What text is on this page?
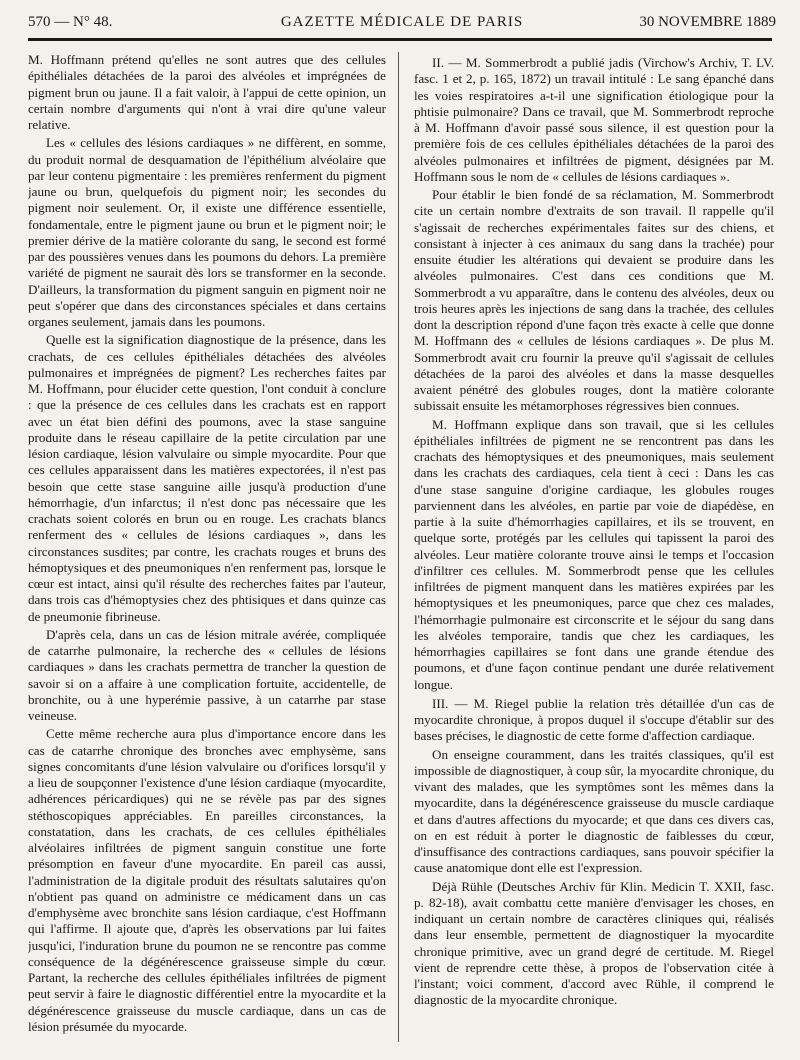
570 — N° 48.	GAZETTE MÉDICALE DE PARIS	30 NOVEMBRE 1889

M. Hoffmann prétend qu'elles ne sont autres que des cellules épithéliales détachées de la paroi des alvéoles et imprégnées de pigment brun ou jaune. Il a fait valoir, à l'appui de cette opinion, un certain nombre d'arguments qui n'ont à vrai dire qu'une valeur relative.

Les « cellules des lésions cardiaques » ne diffèrent, en somme, du produit normal de desquamation de l'épithélium alvéolaire que par leur contenu pigmentaire : les premières renferment du pigment jaune ou brun, quelquefois du pigment noir; les secondes du pigment noir seulement. Or, il existe une différence essentielle, fondamentale, entre le pigment jaune ou brun et le pigment noir; le premier dérive de la matière colorante du sang, le second est formé par des poussières venues dans les poumons du dehors. La première variété de pigment ne saurait dès lors se transformer en la seconde. D'ailleurs, la transformation du pigment sanguin en pigment noir ne peut s'opérer que dans des circonstances spéciales et dans certains organes seulement, jamais dans les poumons.

Quelle est la signification diagnostique de la présence, dans les crachats, de ces cellules épithéliales détachées des alvéoles pulmonaires et imprégnées de pigment? Les recherches faites par M. Hoffmann, pour élucider cette question, l'ont conduit à conclure : que la présence de ces cellules dans les crachats est en rapport avec un état bien défini des poumons, avec la stase sanguine produite dans le réseau capillaire de la petite circulation par une lésion cardiaque, lésion valvulaire ou simple myocardite. Pour que ces cellules apparaissent dans les matières expectorées, il n'est pas besoin que cette stase sanguine aille jusqu'à production d'une hémorrhagie, d'un infarctus; il n'est donc pas nécessaire que les crachats soient colorés en brun ou en rouge. Les crachats blancs renferment des « cellules de lésions cardiaques », dans les circonstances susdites; par contre, les crachats rouges et bruns des hémoptysiques et des pneumoniques n'en renferment pas, lorsque le cœur est intact, ainsi qu'il résulte des recherches faites par l'auteur, dans trois cas d'hémoptysies chez des phtisiques et dans quinze cas de pneumonie fibrineuse.

D'après cela, dans un cas de lésion mitrale avérée, compliquée de catarrhe pulmonaire, la recherche des « cellules de lésions cardiaques » dans les crachats permettra de trancher la question de savoir si on a affaire à une complication fortuite, accidentelle, de bronchite, ou à une hyperémie passive, à un catarrhe par stase veineuse.

Cette même recherche aura plus d'importance encore dans les cas de catarrhe chronique des bronches avec emphysème, sans signes concomitants d'une lésion valvulaire ou d'orifices lorsqu'il y a lieu de soupçonner l'existence d'une lésion cardiaque (myocardite, adhérences péricardiques) qui ne se révèle pas par des signes stéthoscopiques appréciables. En pareilles circonstances, la constatation, dans les crachats, de ces cellules épithéliales alvéolaires infiltrées de pigment sanguin constitue une forte présomption en faveur d'une myocardite. En pareil cas aussi, l'administration de la digitale produit des résultats salutaires qu'on n'obtient pas quand on administre ce médicament dans un cas d'emphysème avec bronchite sans lésion cardiaque, c'est Hoffmann qui l'affirme. Il ajoute que, d'après les observations par lui faites jusqu'ici, l'induration brune du poumon ne se rencontre pas comme conséquence de la dégénérescence graisseuse simple du cœur. Partant, la recherche des cellules épithéliales infiltrées de pigment peut servir à faire le diagnostic différentiel entre la myocardite et la dégénérescence graisseuse du muscle cardiaque, dans un cas de lésion présumée du myocarde.

II. — M. Sommerbrodt a publié jadis (Virchow's Archiv, T. LV. fasc. 1 et 2, p. 165, 1872) un travail intitulé : Le sang épanché dans les voies respiratoires a-t-il une signification étiologique pour la phtisie pulmonaire? Dans ce travail, que M. Sommerbrodt reproche à M. Hoffmann d'avoir passé sous silence, il est question pour la première fois de ces cellules épithéliales détachées de la paroi des alvéoles pulmonaires et infiltrées de pigment, désignées par M. Hoffmann sous le nom de « cellules de lésions cardiaques ».

Pour établir le bien fondé de sa réclamation, M. Sommerbrodt cite un certain nombre d'extraits de son travail. Il rappelle qu'il s'agissait de recherches expérimentales faites sur des chiens, et consistant à injecter à ces animaux du sang dans la trachée) pour ensuite étudier les altérations qui devaient se produire dans les alvéoles pulmonaires. C'est dans ces conditions que M. Sommerbrodt a vu apparaître, dans le contenu des alvéoles, deux ou trois heures après les injections de sang dans la trachée, des cellules dont la description répond d'une façon très exacte à celle que donne M. Hoffmann des « cellules de lésions cardiaques ». De plus M. Sommerbrodt avait cru fournir la preuve qu'il s'agissait de cellules détachées de la paroi des alvéoles et dans la masse desquelles avaient pénétré des globules rouges, dont la matière colorante subissait ensuite les métamorphoses régressives bien connues.

M. Hoffmann explique dans son travail, que si les cellules épithéliales infiltrées de pigment ne se rencontrent pas dans les crachats des hémoptysiques et des pneumoniques, mais seulement dans les crachats des cardiaques, cela tient à ceci : Dans les cas d'une stase sanguine d'origine cardiaque, les globules rouges parviennent dans les alvéoles, en partie par voie de diapédèse, en partie à la suite d'hémorrhagies capillaires, et ils se trouvent, en quelque sorte, protégés par les cellules qui tapissent la paroi des alvéoles. Leur matière colorante trouve ainsi le temps et l'occasion d'infiltrer ces cellules. M. Sommerbrodt pense que les cellules infiltrées de pigment manquent dans les matières expirées par les hémoptysiques et les pneumoniques, parce que chez ces malades, l'hémorrhagie pulmonaire est circonscrite et le séjour du sang dans les alvéoles temporaire, tandis que chez les cardiaques, les hémorrhagies capillaires se font dans une grande étendue des poumons, et d'une façon continue pendant une durée relativement longue.

III. — M. Riegel publie la relation très détaillée d'un cas de myocardite chronique, à propos duquel il s'occupe d'établir sur des bases précises, le diagnostic de cette forme d'affection cardiaque.

On enseigne couramment, dans les traités classiques, qu'il est impossible de diagnostiquer, à coup sûr, la myocardite chronique, du vivant des malades, que les symptômes sont les mêmes dans la myocardite, dans la dégénérescence graisseuse du muscle cardiaque et dans d'autres affections du myocarde; et que dans ces divers cas, on en est réduit à porter le diagnostic de faiblesses du cœur, d'insuffisance des contractions cardiaques, sans pouvoir spécifier la cause anatomique dont elle est l'expression.

Déjà Rühle (Deutsches Archiv für Klin. Medicin T. XXII, fasc. p. 82-18), avait combattu cette manière d'envisager les choses, en indiquant un certain nombre de caractères cliniques qui, réalisés dans leur ensemble, permettent de diagnostiquer la myocardite chronique primitive, avec un grand degré de certitude. M. Riegel vient de reprendre cette thèse, à propos de l'observation citée à l'instant; voici comment, d'accord avec Rühle, il comprend le diagnostic de la myocardite chronique.
